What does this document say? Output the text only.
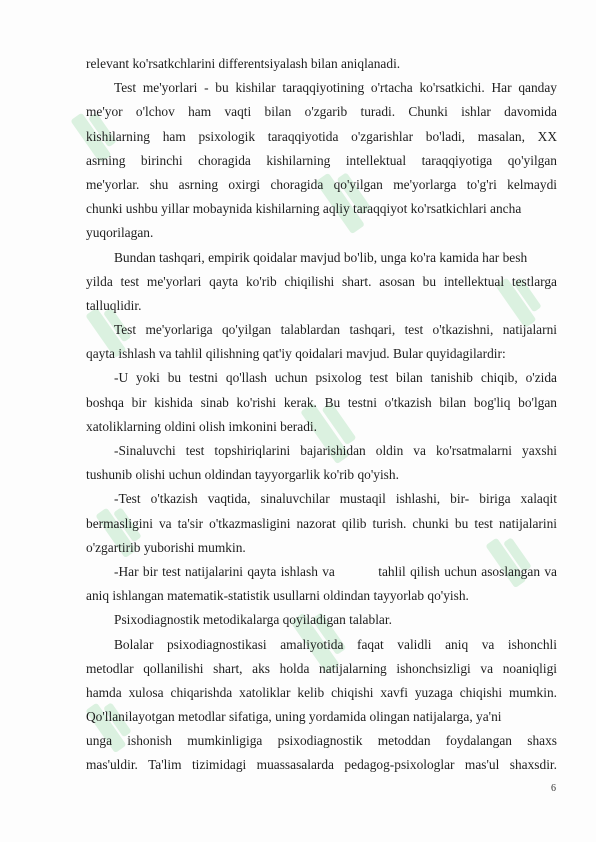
relevant ko'rsatkchlarini differentsiyalash bilan aniqlanadi.
Test me'yorlari - bu kishilar taraqqiyotining o'rtacha ko'rsatkichi. Har qanday
me'yor o'lchov ham vaqti bilan o'zgarib turadi. Chunki ishlar davomida
kishilarning ham psixologik taraqqiyotida o'zgarishlar bo'ladi, masalan, XX
asrning birinchi choragida kishilarning intellektual taraqqiyotiga qo'yilgan
me'yorlar. shu asrning oxirgi choragida qo'yilgan me'yorlarga to'g'ri kelmaydi
chunki ushbu yillar mobaynida kishilarning aqliy taraqqiyot ko'rsatkichlari ancha
yuqorilagan.
Bundan tashqari, empirik qoidalar mavjud bo'lib, unga ko'ra kamida har besh
yilda test me'yorlari qayta ko'rib chiqilishi shart. asosan bu intellektual testlarga
talluqlidir.
Test me'yorlariga qo'yilgan talablardan tashqari, test o'tkazishni, natijalarni
qayta ishlash va tahlil qilishning qat'iy qoidalari mavjud. Bular quyidagilardir:
-U yoki bu testni qo'llash uchun psixolog test bilan tanishib chiqib, o'zida
boshqa bir kishida sinab ko'rishi kerak. Bu testni o'tkazish bilan bog'liq bo'lgan
xatoliklarning oldini olish imkonini beradi.
-Sinaluvchi test topshiriqlarini bajarishidan oldin va ko'rsatmalarni yaxshi
tushunib olishi uchun oldindan tayyorgarlik ko'rib qo'yish.
-Test o'tkazish vaqtida, sinaluvchilar mustaqil ishlashi, bir- biriga xalaqit
bermasligini va ta'sir o'tkazmasligini nazorat qilib turish. chunki bu test natijalarini
o'zgartirib yuborishi mumkin.
-Har bir test natijalarini qayta ishlash va          tahlil qilish uchun asoslangan va
aniq ishlangan matematik-statistik usullarni oldindan tayyorlab qo'yish.
Psixodiagnostik metodikalarga qoyiladigan talablar.
Bolalar psixodiagnostikasi amaliyotida faqat validli aniq va ishonchli
metodlar qollanilishi shart, aks holda natijalarning ishonchsizligi va noaniqligi
hamda xulosa chiqarishda xatoliklar kelib chiqishi xavfi yuzaga chiqishi mumkin.
Qo'llanilayotgan metodlar sifatiga, uning yordamida olingan natijalarga, ya'ni
unga ishonish mumkinligiga psixodiagnostik metoddan foydalangan shaxs
mas'uldir. Ta'lim tizimidagi muassasalarda pedagog-psixologlar mas'ul shaxsdir.
6
